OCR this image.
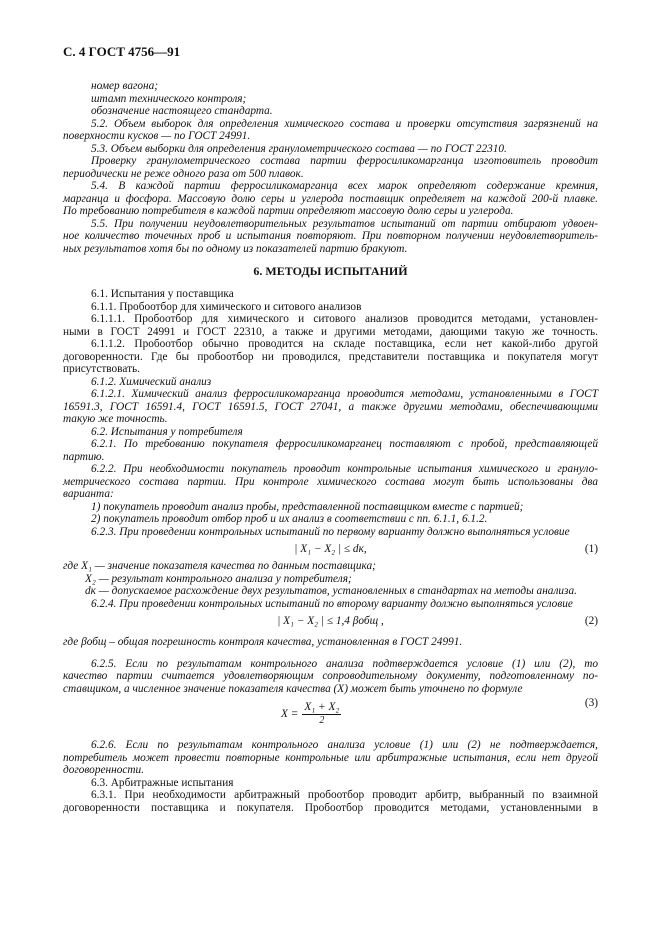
С. 4 ГОСТ 4756—91
номер вагона;
штамп технического контроля;
обозначение настоящего стандарта.
5.2. Объем выборок для определения химического состава и проверки отсутствия загрязнений на
поверхности кусков — по ГОСТ 24991.
5.3. Объем выборки для определения гранулометрического состава — по ГОСТ 22310.
Проверку гранулометрического состава партии ферросиликомарганца изготовитель проводит
периодически не реже одного раза от 500 плавок.
5.4. В каждой партии ферросиликомарганца всех марок определяют содержание кремния,
марганца и фосфора. Массовую долю серы и углерода поставщик определяет на каждой 200-й плавке.
По требованию потребителя в каждой партии определяют массовую долю серы и углерода.
5.5. При получении неудовлетворительных результатов испытаний от партии отбирают удвоен-
ное количество точечных проб и испытания повторяют. При повторном получении неудовлетворитель-
ных результатов хотя бы по одному из показателей партию бракуют.
6. МЕТОДЫ ИСПЫТАНИЙ
6.1. Испытания у поставщика
6.1.1. Пробоотбор для химического и ситового анализов
6.1.1.1. Пробоотбор для химического и ситового анализов проводится методами, установлен-
ными в ГОСТ 24991 и ГОСТ 22310, а также и другими методами, дающими такую же точность.
6.1.1.2. Пробоотбор обычно проводится на складе поставщика, если нет какой-либо другой
договоренности. Где бы пробоотбор ни проводился, представители поставщика и покупателя могут
присутствовать.
6.1.2. Химический анализ
6.1.2.1. Химический анализ ферросиликомарганца проводится методами, установленными в ГОСТ
16591.3, ГОСТ 16591.4, ГОСТ 16591.5, ГОСТ 27041, а также другими методами, обеспечивающими
такую же точность.
6.2. Испытания у потребителя
6.2.1. По требованию покупателя ферросиликомарганец поставляют с пробой, представляющей
партию.
6.2.2. При необходимости покупатель проводит контрольные испытания химического и грануло-
метрического состава партии. При контроле химического состава могут быть использованы два
варианта:
1) покупатель проводит анализ пробы, представленной поставщиком вместе с партией;
2) покупатель проводит отбор проб и их анализ в соответствии с пп. 6.1.1, 6.1.2.
6.2.3. При проведении контрольных испытаний по первому варианту должно выполняться условие
| X₁ − X₂ | ≤ dк,	(1)
где X₁ — значение показателя качества по данным поставщика;
X₂ — результат контрольного анализа у потребителя;
dк — допускаемое расхождение двух результатов, установленных в стандартах на методы анализа.
6.2.4. При проведении контрольных испытаний по второму варианту должно выполняться условие
| X₁ − X₂ | ≤ 1,4 βобщ ,	(2)
где βобщ – общая погрешность контроля качества, установленная в ГОСТ 24991.
6.2.5. Если по результатам контрольного анализа подтверждается условие (1) или (2), то
качество партии считается удовлетворяющим сопроводительному документу, подготовленному по-
ставщиком, а численное значение показателя качества (X) может быть уточнено по формуле
$X = \frac{\text{X₁ + X₂}}{2}$	(3)
6.2.6. Если по результатам контрольного анализа условие (1) или (2) не подтверждается,
потребитель может провести повторные контрольные или арбитражные испытания, если нет другой
договоренности.
6.3. Арбитражные испытания
6.3.1. При необходимости арбитражный пробоотбор проводит арбитр, выбранный по взаимной
договоренности поставщика и покупателя. Пробоотбор проводится методами, установленными в
